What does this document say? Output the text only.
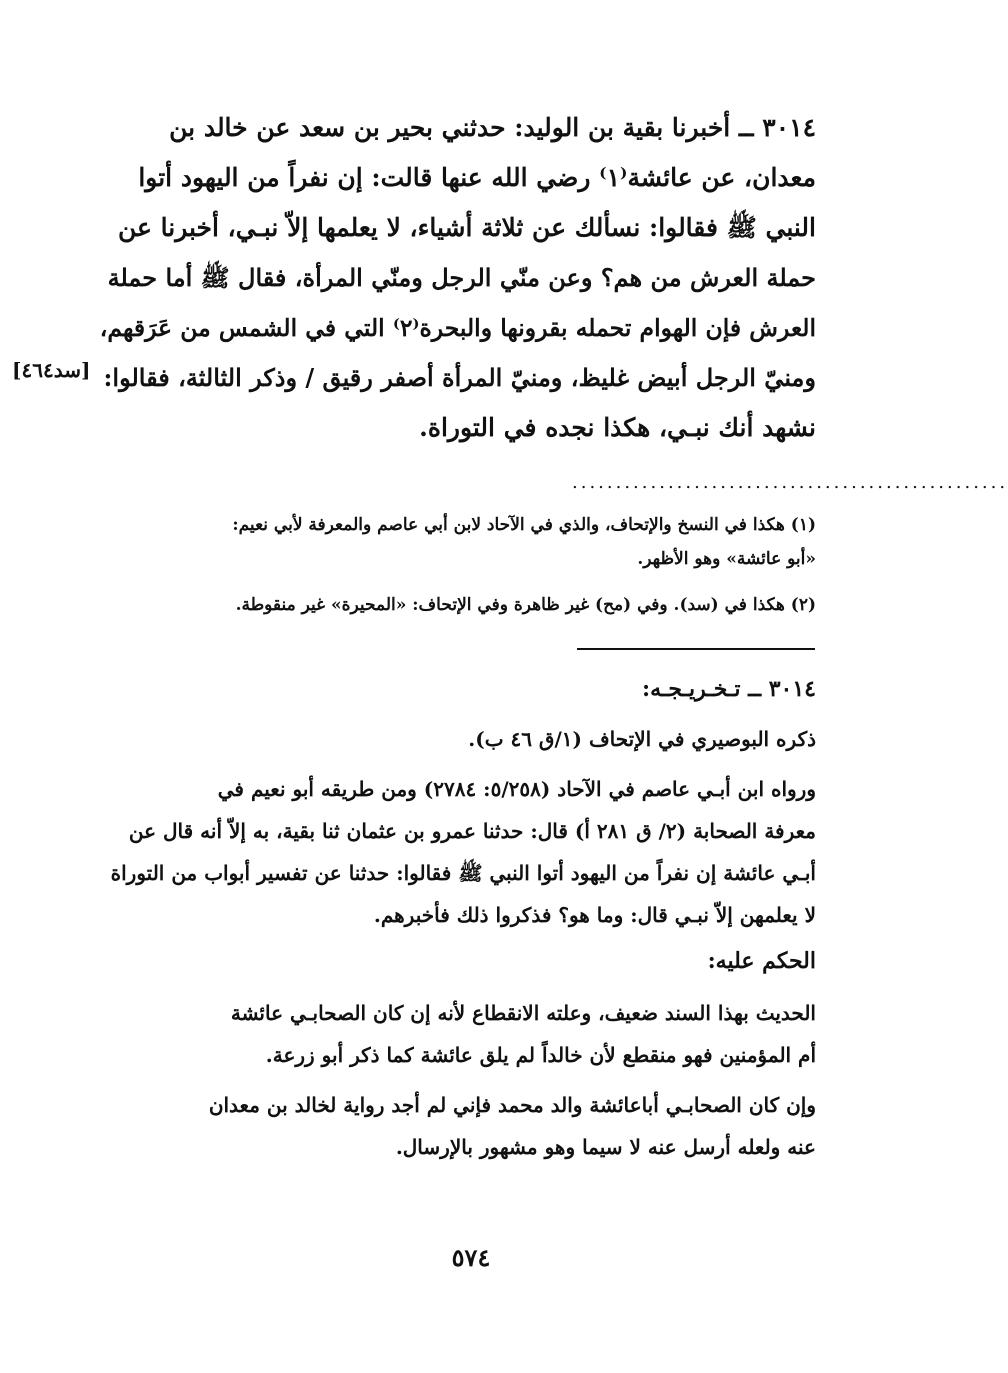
٣٠١٤ ــ أخبرنا بقية بن الوليد: حدثني بحير بن سعد عن خالد بن
معدان، عن عائشة⁽١⁾ رضي الله عنها قالت: إن نفراً من اليهود أتوا
النبي ﷺ فقالوا: نسألك عن ثلاثة أشياء، لا يعلمها إلاّ نبـي، أخبرنا عن
حملة العرش من هم؟ وعن منّي الرجل ومنّي المرأة، فقال ﷺ أما حملة
العرش فإن الهوام تحمله بقرونها والبحرة⁽٢⁾ التي في الشمس من عَرَقهم،
ومنيّ الرجل أبيض غليظ، ومنيّ المرأة أصفر رقيق / وذكر الثالثة، فقالوا:
نشهد أنك نبـي، هكذا نجده في التوراة.
[سد٤٦٤]
..................................................
(١) هكذا في النسخ والإتحاف، والذي في الآحاد لابن أبي عاصم والمعرفة لأبي نعيم:
«أبو عائشة» وهو الأظهر.
(٢) هكذا في (سد). وفي (مح) غير ظاهرة وفي الإتحاف: «المحيرة» غير منقوطة.
٣٠١٤ ــ تـخـريـجـه:
ذكره البوصيري في الإتحاف (١/ق ٤٦ ب).
ورواه ابن أبـي عاصم في الآحاد (٥/٢٥٨: ٢٧٨٤) ومن طريقه أبو نعيم في
معرفة الصحابة (٢/ ق ٢٨١ أ) قال: حدثنا عمرو بن عثمان ثنا بقية، به إلاّ أنه قال عن
أبـي عائشة إن نفراً من اليهود أتوا النبي ﷺ فقالوا: حدثنا عن تفسير أبواب من التوراة
لا يعلمهن إلاّ نبـي قال: وما هو؟ فذكروا ذلك فأخبرهم.
الحكم عليه:
الحديث بهذا السند ضعيف، وعلته الانقطاع لأنه إن كان الصحابـي عائشة
أم المؤمنين فهو منقطع لأن خالداً لم يلق عائشة كما ذكر أبو زرعة.
وإن كان الصحابـي أباعائشة والد محمد فإني لم أجد رواية لخالد بن معدان
عنه ولعله أرسل عنه لا سيما وهو مشهور بالإرسال.
٥٧٤
